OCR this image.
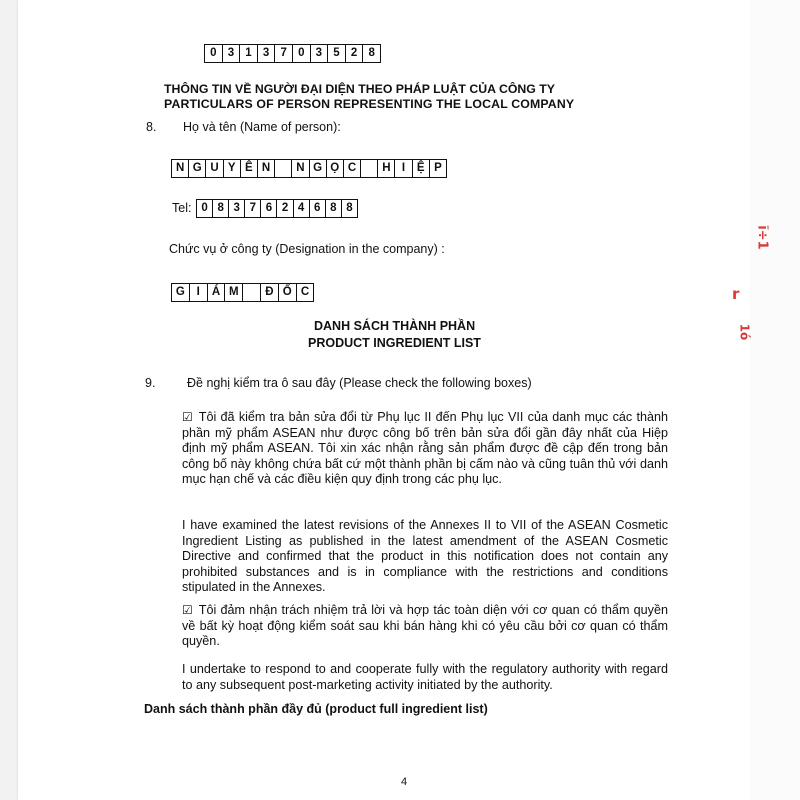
0 3 1 3 7 0 3 5 2 8
THÔNG TIN VỀ NGƯỜI ĐẠI DIỆN THEO PHÁP LUẬT CỦA CÔNG TY
PARTICULARS OF PERSON REPRESENTING THE LOCAL COMPANY
8. Họ và tên (Name of person):
N G U Y Ê N	N G Ọ C	H I	Ệ P
Tel: 0 8 3 7 6 2 4 6 8 8
Chức vụ ở công ty (Designation in the company) :
G	I	Á M	Đ Ố C
DANH SÁCH THÀNH PHẦN
PRODUCT INGREDIENT LIST
9.	Đề nghị kiểm tra ô sau đây (Please check the following boxes)
☑ Tôi đã kiểm tra bản sửa đổi từ Phụ lục II đến Phụ lục VII của danh mục các thành phần mỹ phẩm ASEAN như được công bố trên bản sửa đổi gần đây nhất của Hiệp định mỹ phẩm ASEAN. Tôi xin xác nhận rằng sản phẩm được đề cập đến trong bản công bố này không chứa bất cứ một thành phần bị cấm nào và cũng tuân thủ với danh mục hạn chế và các điều kiện quy định trong các phụ lục.
I have examined the latest revisions of the Annexes II to VII of the ASEAN Cosmetic Ingredient Listing as published in the latest amendment of the ASEAN Cosmetic Directive and confirmed that the product in this notification does not contain any prohibited substances and is in compliance with the restrictions and conditions stipulated in the Annexes.
☑ Tôi đảm nhận trách nhiệm trả lời và hợp tác toàn diện với cơ quan có thẩm quyền về bất kỳ hoạt động kiểm soát sau khi bán hàng khi có yêu cầu bởi cơ quan có thẩm quyền.
I undertake to respond to and cooperate fully with the regulatory authority with regard to any subsequent post-marketing activity initiated by the authority.
Danh sách thành phần đầy đủ (product full ingredient list)
4
ĩ÷1
r
1ό
